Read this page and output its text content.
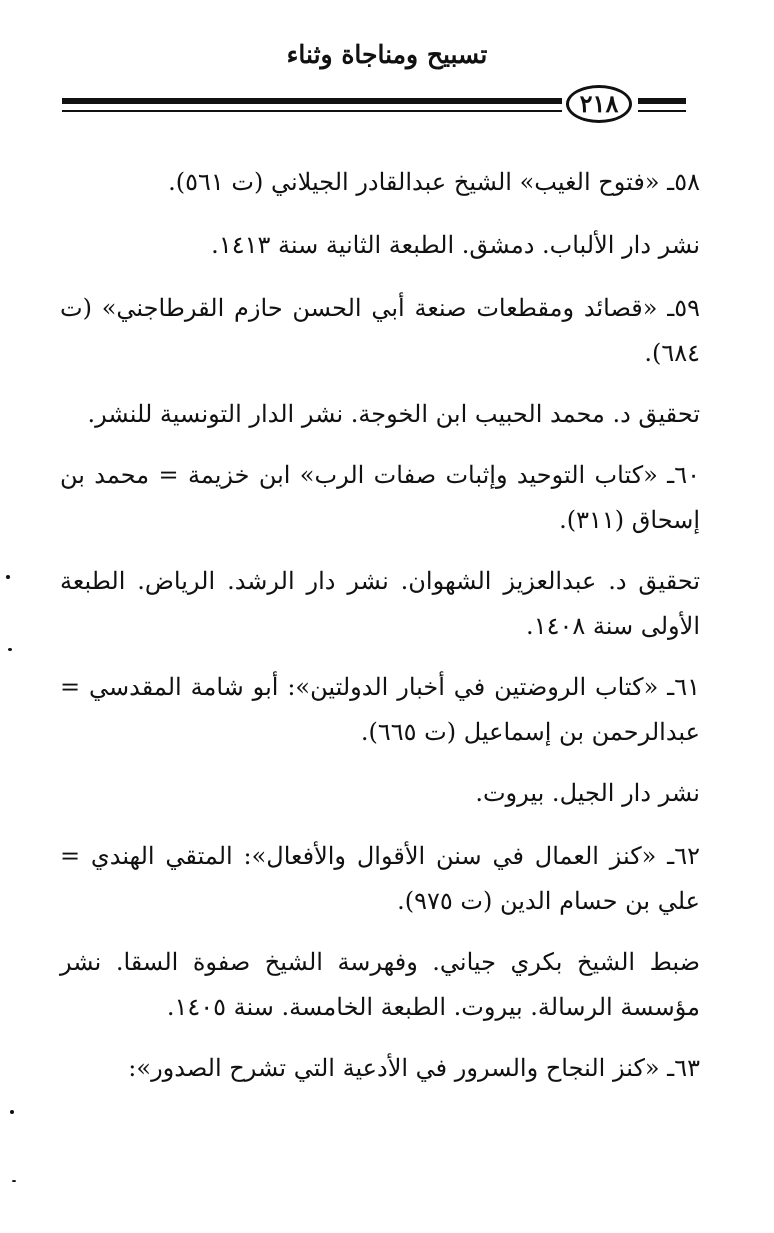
تسبيح ومناجاة وثناء
٢١٨

٥٨ـ «فتوح الغيب» الشيخ عبدالقادر الجيلاني (ت ٥٦١).

نشر دار الألباب. دمشق. الطبعة الثانية سنة ١٤١٣.

٥٩ـ «قصائد ومقطعات صنعة أبي الحسن حازم القرطاجني» (ت ٦٨٤).

تحقيق د. محمد الحبيب ابن الخوجة. نشر الدار التونسية للنشر.

٦٠ـ «كتاب التوحيد وإثبات صفات الرب» ابن خزيمة = محمد بن إسحاق (٣١١).

تحقيق د. عبدالعزيز الشهوان. نشر دار الرشد. الرياض. الطبعة الأولى سنة ١٤٠٨.

٦١ـ «كتاب الروضتين في أخبار الدولتين»: أبو شامة المقدسي = عبدالرحمن بن إسماعيل (ت ٦٦٥).

نشر دار الجيل. بيروت.

٦٢ـ «كنز العمال في سنن الأقوال والأفعال»: المتقي الهندي = علي بن حسام الدين (ت ٩٧٥).

ضبط الشيخ بكري جياني. وفهرسة الشيخ صفوة السقا. نشر مؤسسة الرسالة. بيروت. الطبعة الخامسة. سنة ١٤٠٥.

٦٣ـ «كنز النجاح والسرور في الأدعية التي تشرح الصدور»:
